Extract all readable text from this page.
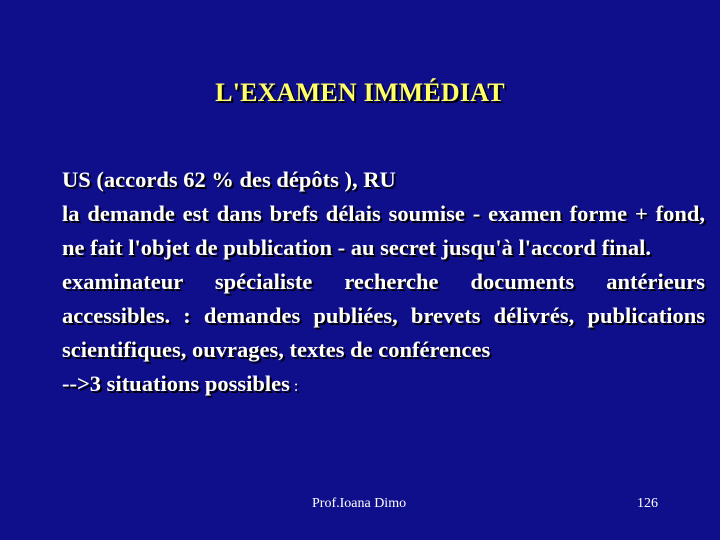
L'EXAMEN IMMÉDIAT

US (accords 62 % des dépôts ), RU

la demande est dans brefs délais soumise - examen forme + fond, ne fait l'objet de publication - au secret jusqu'à l'accord final.

examinateur spécialiste recherche documents antérieurs accessibles. : demandes publiées, brevets délivrés, publications scientifiques, ouvrages, textes de conférences

-->3 situations possibles :

Prof.Ioana Dimo	126
